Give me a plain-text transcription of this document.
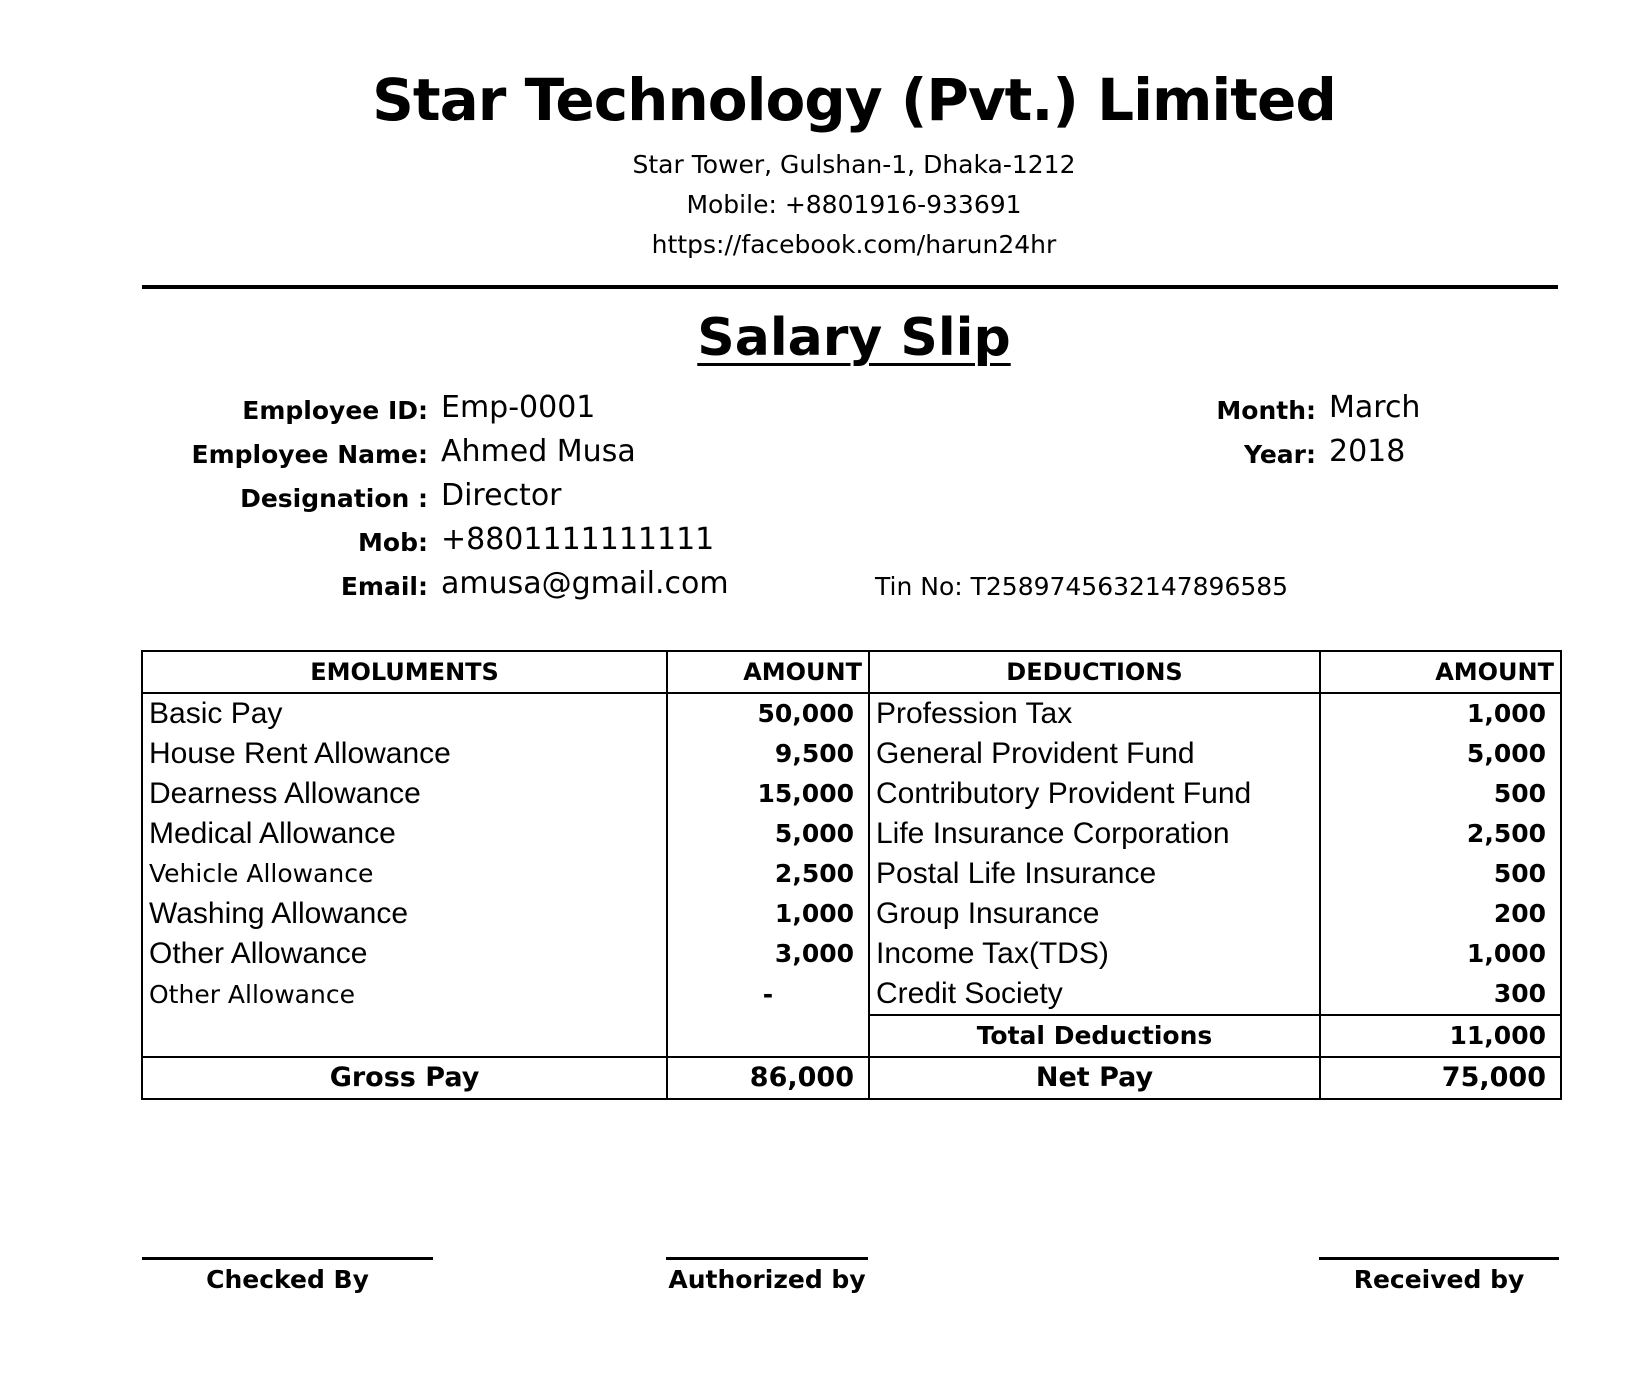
Star Technology (Pvt.) Limited
Star Tower, Gulshan-1, Dhaka-1212
Mobile: +8801916-933691
https://facebook.com/harun24hr
Salary Slip
Employee ID: Emp-0001
Employee Name: Ahmed Musa
Designation : Director
Mob: +8801111111111
Email: amusa@gmail.com	Tin No: T2589745632147896585
Month: March
Year: 2018
EMOLUMENTS	AMOUNT	DEDUCTIONS	AMOUNT
Basic Pay	50,000	Profession Tax	1,000
House Rent Allowance	9,500	General Provident Fund	5,000
Dearness Allowance	15,000	Contributory Provident Fund	500
Medical Allowance	5,000	Life Insurance Corporation	2,500
Vehicle Allowance	2,500	Postal Life Insurance	500
Washing Allowance	1,000	Group Insurance	200
Other Allowance	3,000	Income Tax(TDS)	1,000
Other Allowance	-	Credit Society	300
		Total Deductions	11,000
Gross Pay	86,000	Net Pay	75,000
Checked By	Authorized by	Received by
